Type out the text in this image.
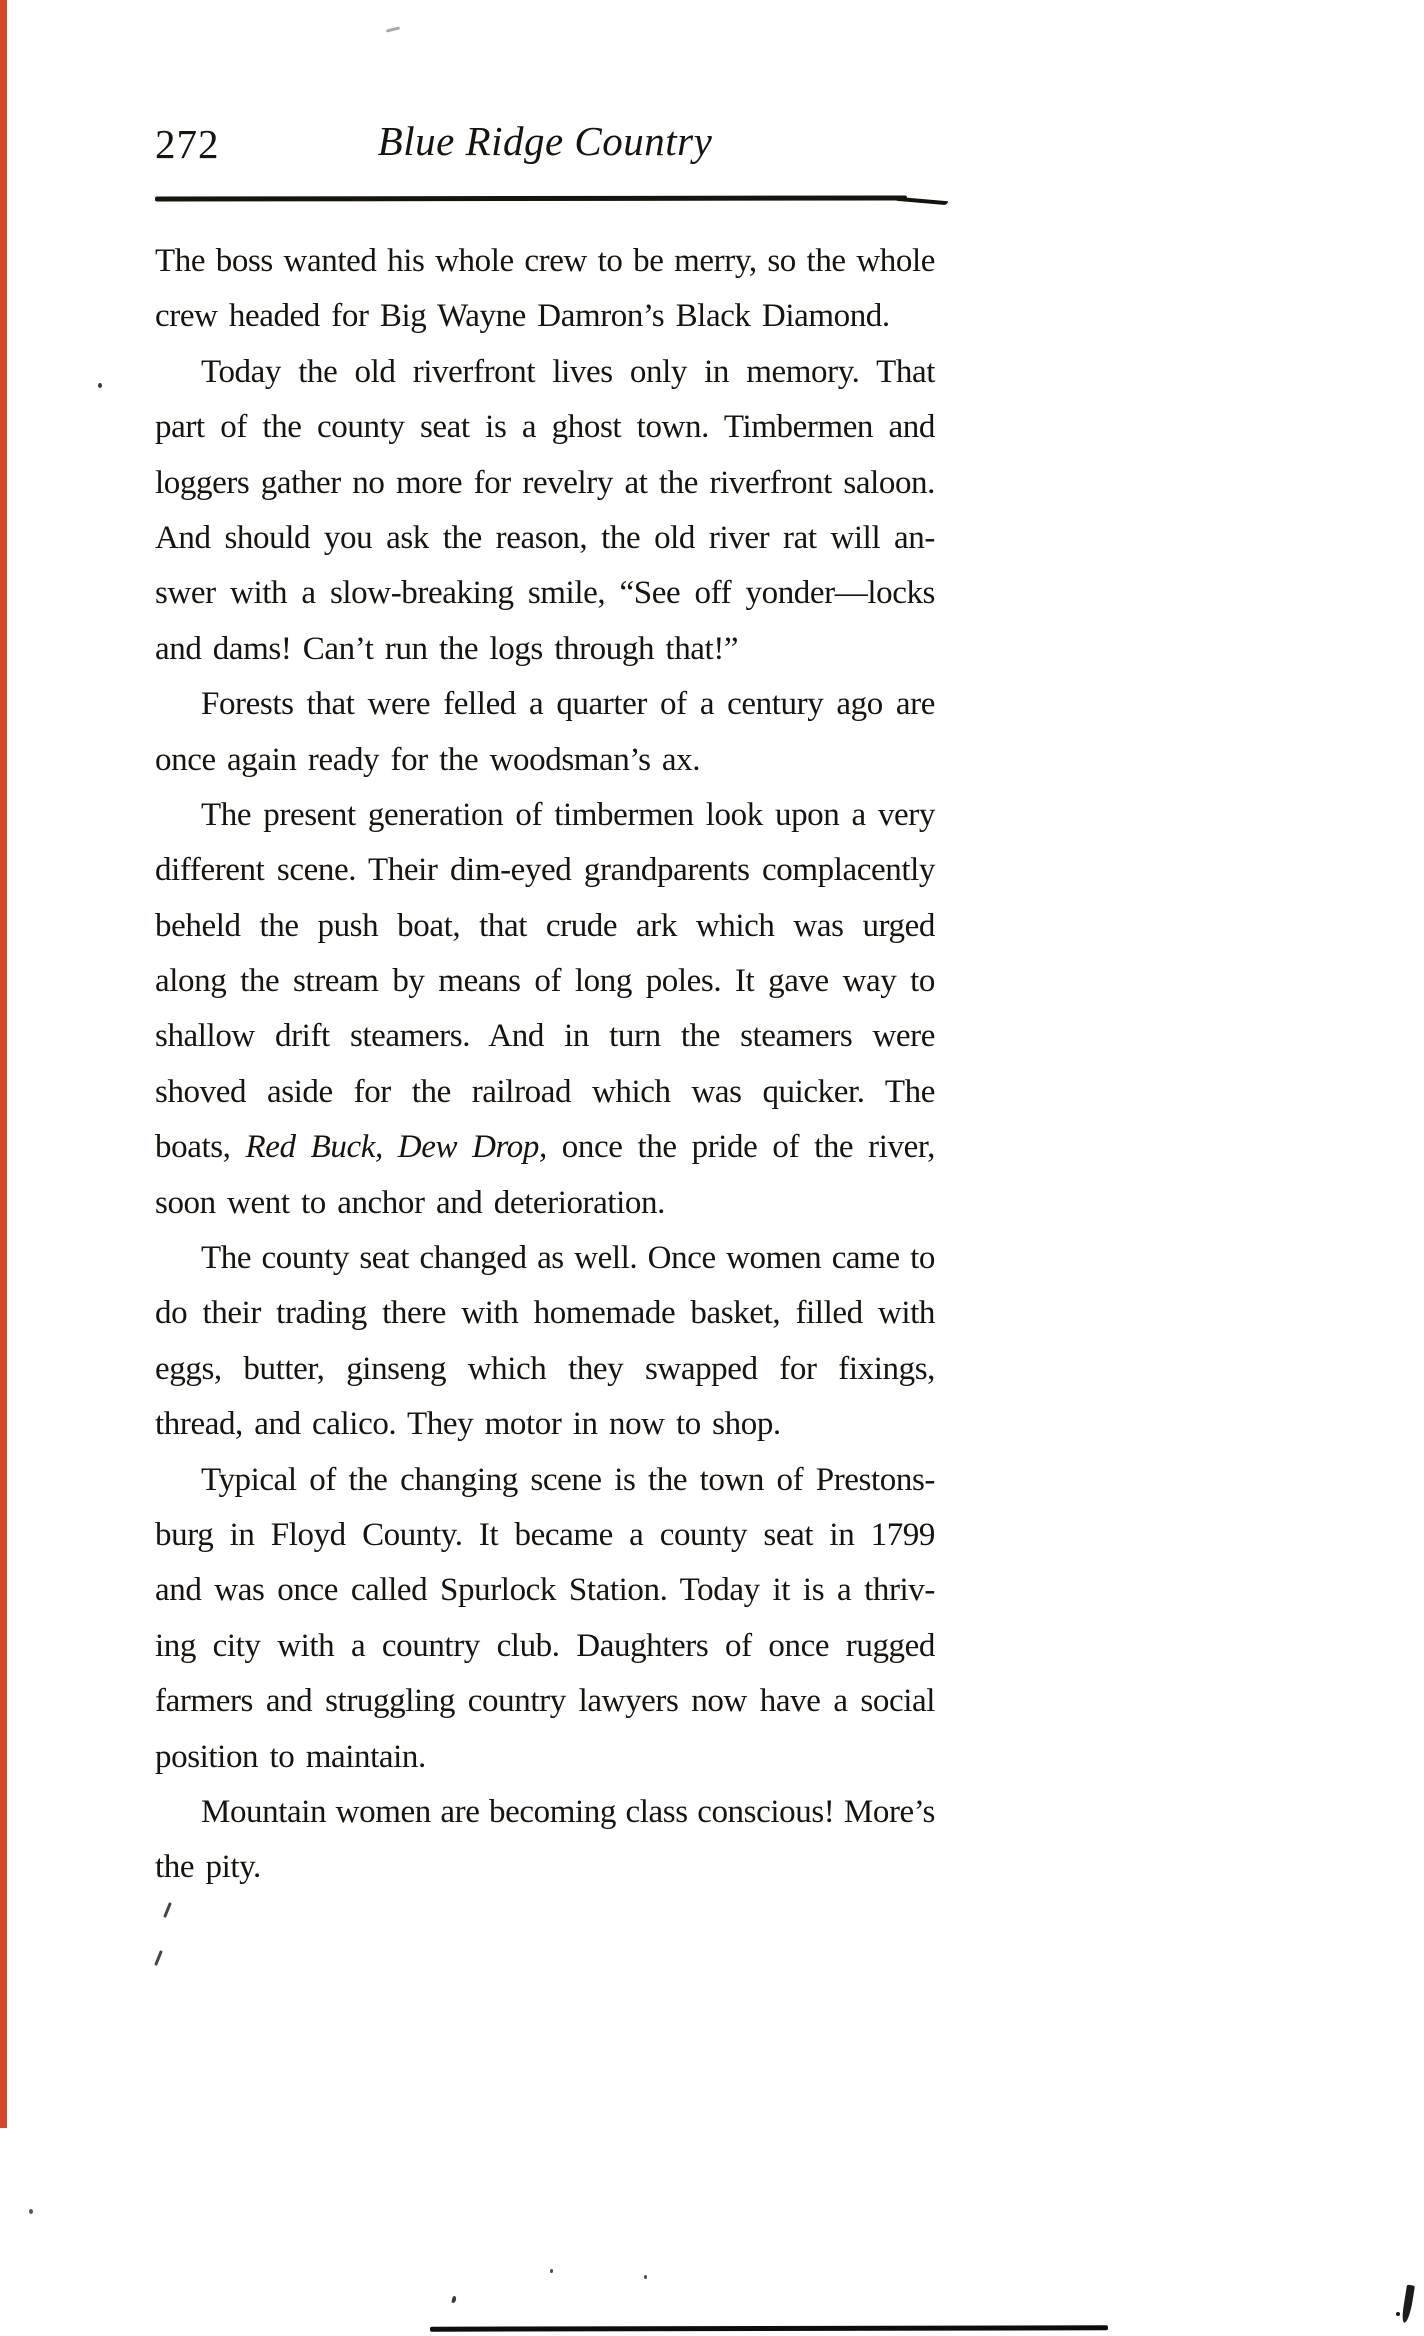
272	Blue Ridge Country
The boss wanted his whole crew to be merry, so the whole
crew headed for Big Wayne Damron’s Black Diamond.
Today the old riverfront lives only in memory. That
part of the county seat is a ghost town. Timbermen and
loggers gather no more for revelry at the riverfront saloon.
And should you ask the reason, the old river rat will an-
swer with a slow-breaking smile, “See off yonder—locks
and dams! Can’t run the logs through that!”
Forests that were felled a quarter of a century ago are
once again ready for the woodsman’s ax.
The present generation of timbermen look upon a very
different scene. Their dim-eyed grandparents complacently
beheld the push boat, that crude ark which was urged
along the stream by means of long poles. It gave way to
shallow drift steamers. And in turn the steamers were
shoved aside for the railroad which was quicker. The
boats, Red Buck, Dew Drop, once the pride of the river,
soon went to anchor and deterioration.
The county seat changed as well. Once women came to
do their trading there with homemade basket, filled with
eggs, butter, ginseng which they swapped for fixings,
thread, and calico. They motor in now to shop.
Typical of the changing scene is the town of Prestons-
burg in Floyd County. It became a county seat in 1799
and was once called Spurlock Station. Today it is a thriv-
ing city with a country club. Daughters of once rugged
farmers and struggling country lawyers now have a social
position to maintain.
Mountain women are becoming class conscious! More’s
the pity.
